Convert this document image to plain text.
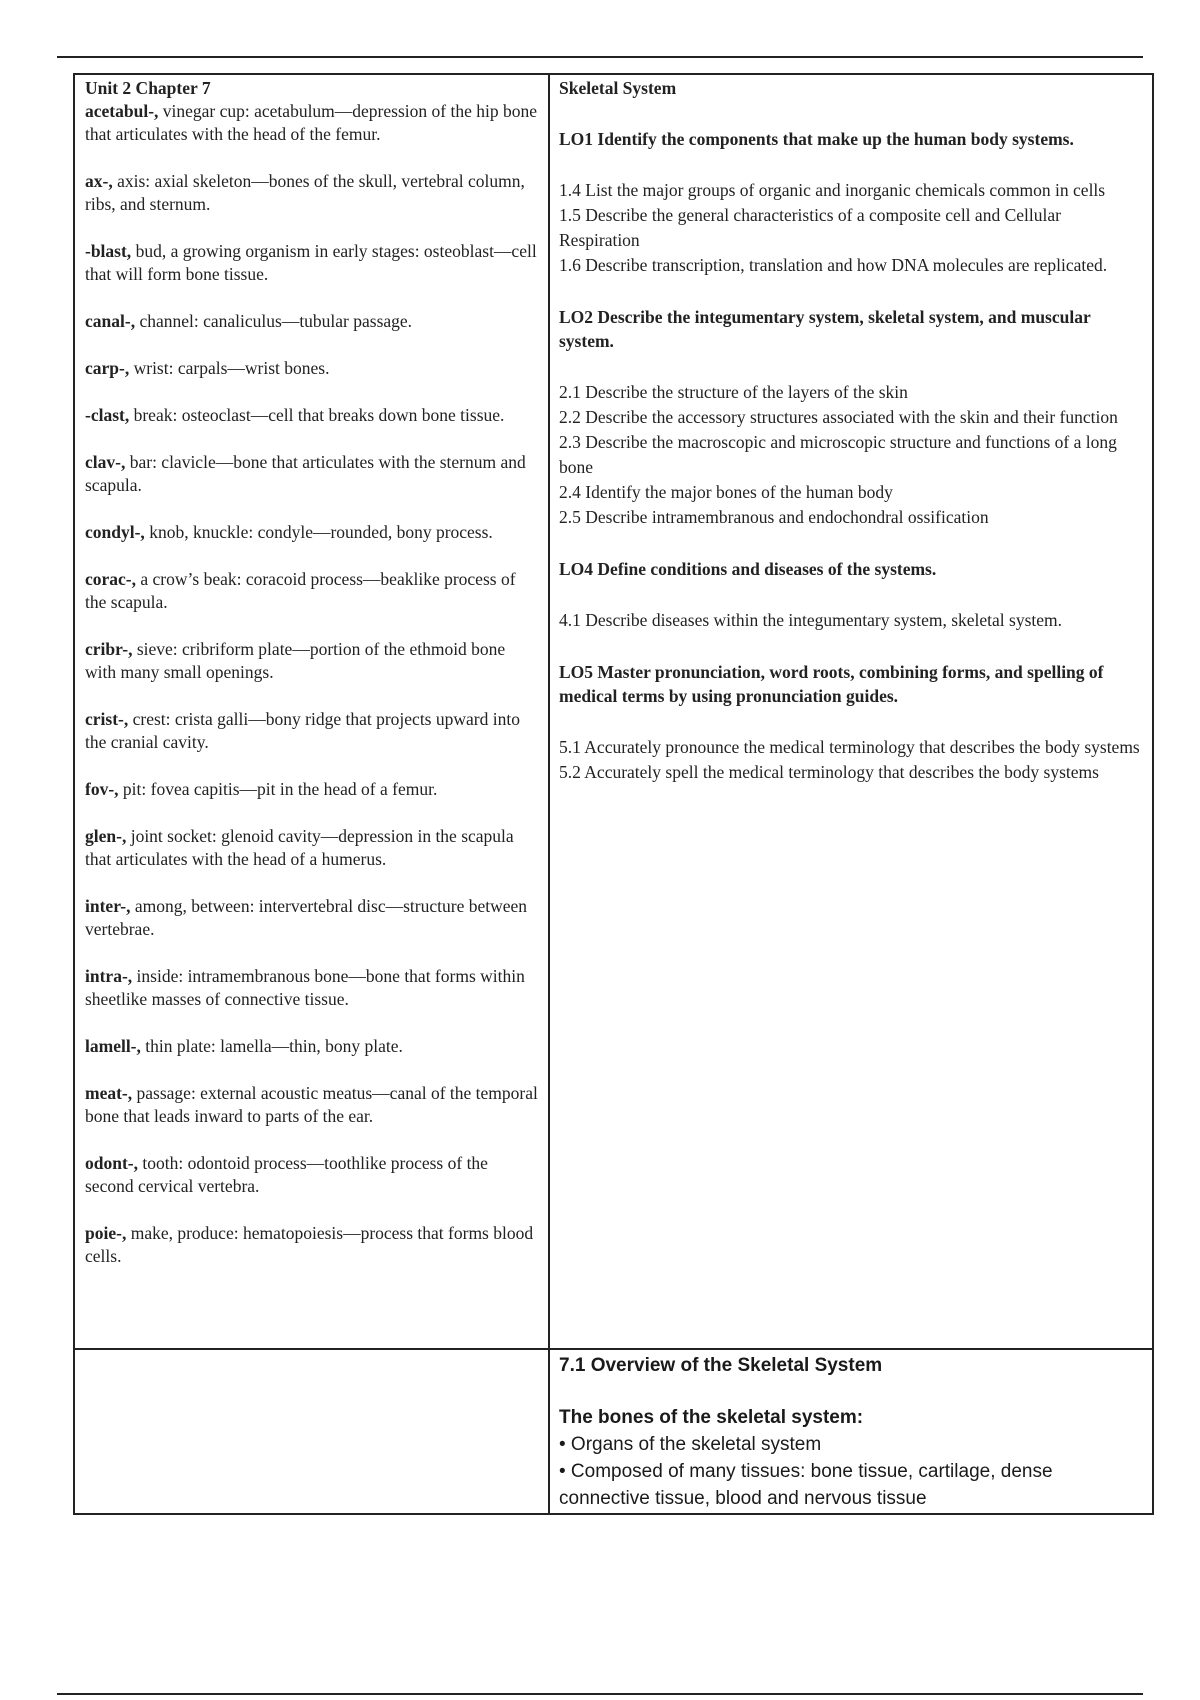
Unit 2 Chapter 7

acetabul-, vinegar cup: acetabulum—depression of the hip bone that articulates with the head of the femur.

ax-, axis: axial skeleton—bones of the skull, vertebral column, ribs, and sternum.

-blast, bud, a growing organism in early stages: osteoblast—cell that will form bone tissue.

canal-, channel: canaliculus—tubular passage.

carp-, wrist: carpals—wrist bones.

-clast, break: osteoclast—cell that breaks down bone tissue.

clav-, bar: clavicle—bone that articulates with the sternum and scapula.

condyl-, knob, knuckle: condyle—rounded, bony process.

corac-, a crow’s beak: coracoid process—beaklike process of the scapula.

cribr-, sieve: cribriform plate—portion of the ethmoid bone with many small openings.

crist-, crest: crista galli—bony ridge that projects upward into the cranial cavity.

fov-, pit: fovea capitis—pit in the head of a femur.

glen-, joint socket: glenoid cavity—depression in the scapula that articulates with the head of a humerus.

inter-, among, between: intervertebral disc—structure between vertebrae.

intra-, inside: intramembranous bone—bone that forms within sheetlike masses of connective tissue.

lamell-, thin plate: lamella—thin, bony plate.

meat-, passage: external acoustic meatus—canal of the temporal bone that leads inward to parts of the ear.

odont-, tooth: odontoid process—toothlike process of the second cervical vertebra.

poie-, make, produce: hematopoiesis—process that forms blood cells.

Skeletal System

LO1 Identify the components that make up the human body systems.

1.4 List the major groups of organic and inorganic chemicals common in cells

1.5 Describe the general characteristics of a composite cell and Cellular Respiration

1.6 Describe transcription, translation and how DNA molecules are replicated.

LO2 Describe the integumentary system, skeletal system, and muscular system.

2.1 Describe the structure of the layers of the skin

2.2 Describe the accessory structures associated with the skin and their function

2.3 Describe the macroscopic and microscopic structure and functions of a long bone

2.4 Identify the major bones of the human body

2.5 Describe intramembranous and endochondral ossification

LO4 Define conditions and diseases of the systems.

4.1 Describe diseases within the integumentary system, skeletal system.

LO5 Master pronunciation, word roots, combining forms, and spelling of medical terms by using pronunciation guides.

5.1 Accurately pronounce the medical terminology that describes the body systems

5.2 Accurately spell the medical terminology that describes the body systems

7.1 Overview of the Skeletal System

The bones of the skeletal system:

• Organs of the skeletal system

• Composed of many tissues: bone tissue, cartilage, dense connective tissue, blood and nervous tissue
